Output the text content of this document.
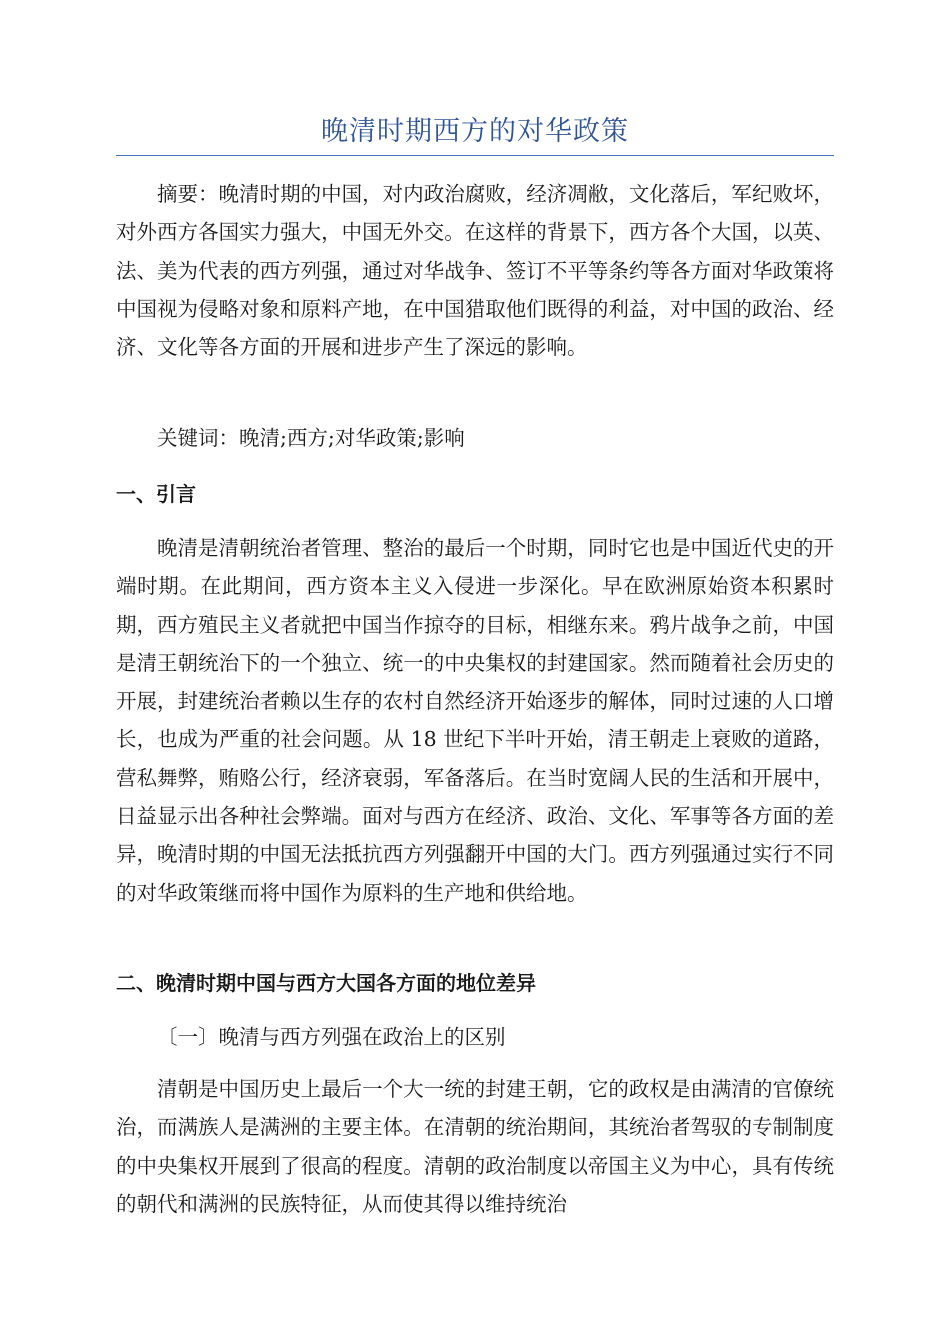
晚清时期西方的对华政策

摘要：晚清时期的中国，对内政治腐败，经济凋敝，文化落后，军纪败坏，对外西方各国实力强大，中国无外交。在这样的背景下，西方各个大国，以英、法、美为代表的西方列强，通过对华战争、签订不平等条约等各方面对华政策将中国视为侵略对象和原料产地，在中国猎取他们既得的利益，对中国的政治、经济、文化等各方面的开展和进步产生了深远的影响。

关键词：晚清;西方;对华政策;影响

一、引言

晚清是清朝统治者管理、整治的最后一个时期，同时它也是中国近代史的开端时期。在此期间，西方资本主义入侵进一步深化。早在欧洲原始资本积累时期，西方殖民主义者就把中国当作掠夺的目标，相继东来。鸦片战争之前，中国是清王朝统治下的一个独立、统一的中央集权的封建国家。然而随着社会历史的开展，封建统治者赖以生存的农村自然经济开始逐步的解体，同时过速的人口增长，也成为严重的社会问题。从 18 世纪下半叶开始，清王朝走上衰败的道路，营私舞弊，贿赂公行，经济衰弱，军备落后。在当时宽阔人民的生活和开展中，日益显示出各种社会弊端。面对与西方在经济、政治、文化、军事等各方面的差异，晚清时期的中国无法抵抗西方列强翻开中国的大门。西方列强通过实行不同的对华政策继而将中国作为原料的生产地和供给地。

二、晚清时期中国与西方大国各方面的地位差异
〔一〕晚清与西方列强在政治上的区别

清朝是中国历史上最后一个大一统的封建王朝，它的政权是由满清的官僚统治，而满族人是满洲的主要主体。在清朝的统治期间，其统治者驾驭的专制制度的中央集权开展到了很高的程度。清朝的政治制度以帝国主义为中心，具有传统的朝代和满洲的民族特征，从而使其得以维持统治
